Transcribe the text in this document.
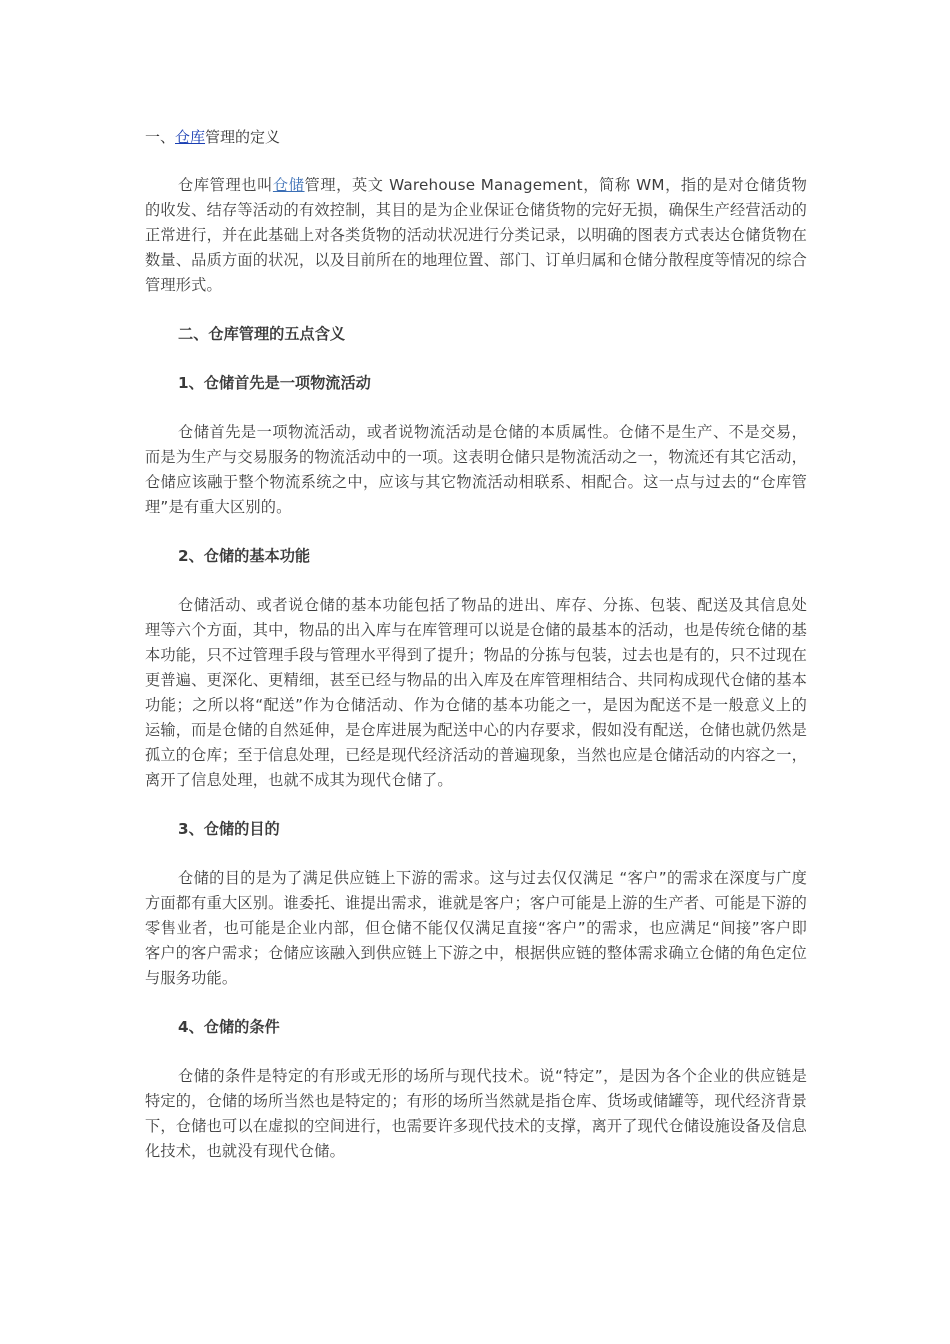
一、仓库管理的定义

仓库管理也叫仓储管理，英文 Warehouse Management，简称 WM，指的是对仓储货物的收发、结存等活动的有效控制，其目的是为企业保证仓储货物的完好无损，确保生产经营活动的正常进行，并在此基础上对各类货物的活动状况进行分类记录，以明确的图表方式表达仓储货物在数量、品质方面的状况，以及目前所在的地理位置、部门、订单归属和仓储分散程度等情况的综合管理形式。

二、仓库管理的五点含义
1、仓储首先是一项物流活动

仓储首先是一项物流活动，或者说物流活动是仓储的本质属性。仓储不是生产、不是交易，而是为生产与交易服务的物流活动中的一项。这表明仓储只是物流活动之一，物流还有其它活动，仓储应该融于整个物流系统之中，应该与其它物流活动相联系、相配合。这一点与过去的“仓库管理”是有重大区别的。

2、仓储的基本功能

仓储活动、或者说仓储的基本功能包括了物品的进出、库存、分拣、包装、配送及其信息处理等六个方面，其中，物品的出入库与在库管理可以说是仓储的最基本的活动，也是传统仓储的基本功能，只不过管理手段与管理水平得到了提升；物品的分拣与包装，过去也是有的，只不过现在更普遍、更深化、更精细，甚至已经与物品的出入库及在库管理相结合、共同构成现代仓储的基本功能；之所以将“配送”作为仓储活动、作为仓储的基本功能之一，是因为配送不是一般意义上的运输，而是仓储的自然延伸，是仓库进展为配送中心的内存要求，假如没有配送，仓储也就仍然是孤立的仓库；至于信息处理，已经是现代经济活动的普遍现象，当然也应是仓储活动的内容之一，离开了信息处理，也就不成其为现代仓储了。

3、仓储的目的

仓储的目的是为了满足供应链上下游的需求。这与过去仅仅满足 “客户”的需求在深度与广度方面都有重大区别。谁委托、谁提出需求，谁就是客户；客户可能是上游的生产者、可能是下游的零售业者，也可能是企业内部，但仓储不能仅仅满足直接“客户”的需求，也应满足“间接”客户即客户的客户需求；仓储应该融入到供应链上下游之中，根据供应链的整体需求确立仓储的角色定位与服务功能。

4、仓储的条件

仓储的条件是特定的有形或无形的场所与现代技术。说“特定”，是因为各个企业的供应链是特定的，仓储的场所当然也是特定的；有形的场所当然就是指仓库、货场或储罐等，现代经济背景下，仓储也可以在虚拟的空间进行，也需要许多现代技术的支撑，离开了现代仓储设施设备及信息化技术，也就没有现代仓储。
